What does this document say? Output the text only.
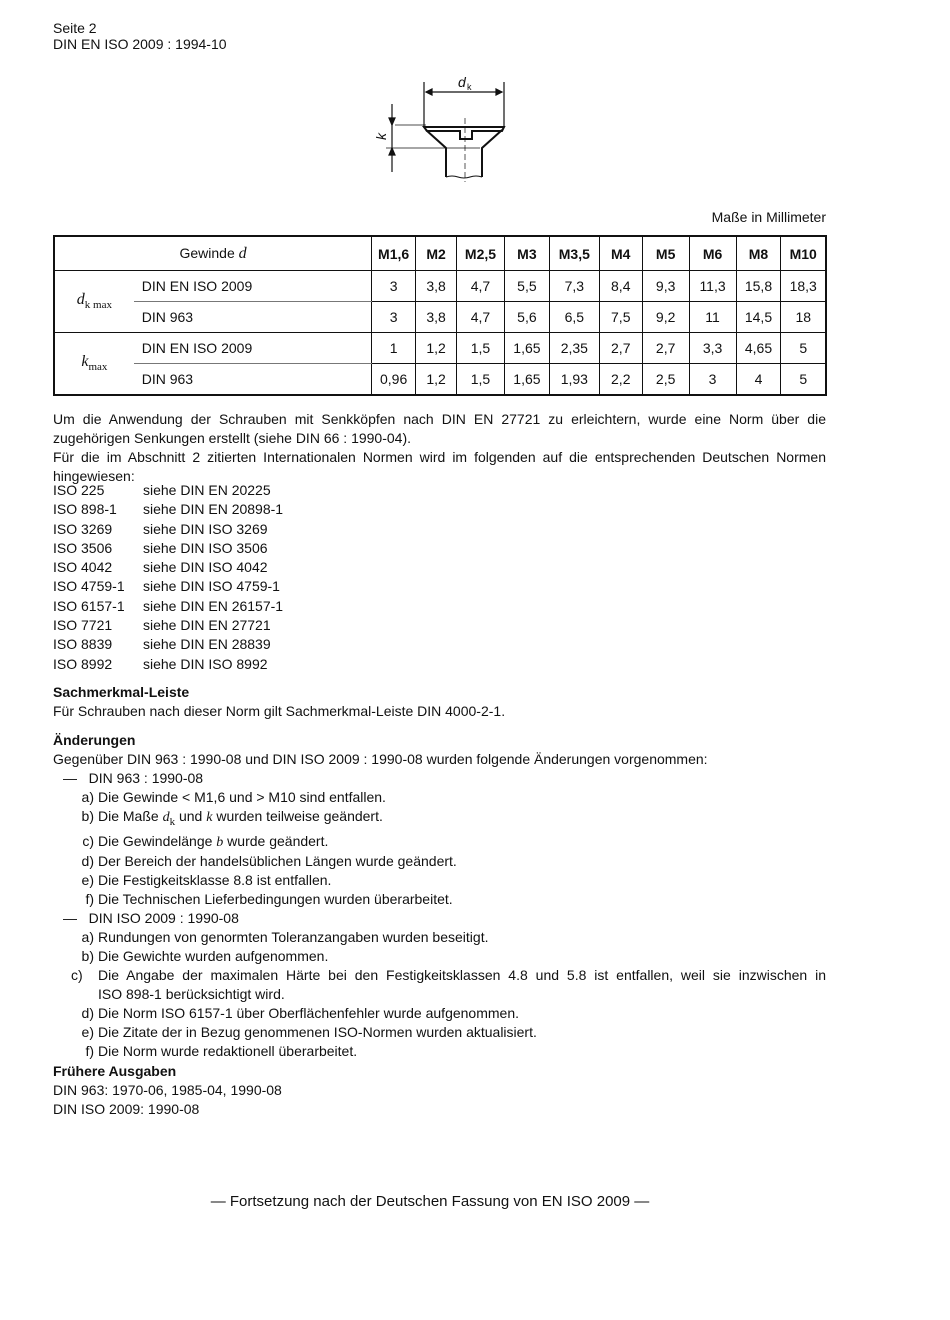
Seite 2
DIN EN ISO 2009 : 1994-10
d k
k
Maße in Millimeter
Gewinde d		M1,6	M2	M2,5	M3	M3,5	M4	M5	M6	M8	M10
$d_{k max}$	DIN EN ISO 2009	3	3,8	4,7	5,5	7,3	8,4	9,3	11,3	15,8	18,3
	DIN 963	3	3,8	4,7	5,6	6,5	7,5	9,2	11	14,5	18
$k_{max}$	DIN EN ISO 2009	1	1,2	1,5	1,65	2,35	2,7	2,7	3,3	4,65	5
	DIN 963	0,96	1,2	1,5	1,65	1,93	2,2	2,5	3	4	5
Um die Anwendung der Schrauben mit Senkköpfen nach DIN EN 27721 zu erleichtern, wurde eine Norm über die
zugehörigen Senkungen erstellt (siehe DIN 66 : 1990-04).
Für die im Abschnitt 2 zitierten Internationalen Normen wird im folgenden auf die entsprechenden Deutschen Normen
hingewiesen:
ISO 225	siehe DIN EN 20225
ISO 898-1 siehe DIN EN 20898-1
ISO 3269 siehe DIN ISO 3269
ISO 3506 siehe DIN ISO 3506
ISO 4042 siehe DIN ISO 4042
ISO 4759-1 siehe DIN ISO 4759-1
ISO 6157-1 siehe DIN EN 26157-1
ISO 7721 siehe DIN EN 27721
ISO 8839 siehe DIN EN 28839
ISO 8992 siehe DIN ISO 8992
Sachmerkmal-Leiste
Für Schrauben nach dieser Norm gilt Sachmerkmal-Leiste DIN 4000-2-1.
Änderungen
Gegenüber DIN 963 : 1990-08 und DIN ISO 2009 : 1990-08 wurden folgende Änderungen vorgenommen:
— DIN 963 : 1990-08
a) Die Gewinde < M1,6 und > M10 sind entfallen.
b) Die Maße $d_k$ und k wurden teilweise geändert.
c) Die Gewindelänge b wurde geändert.
d) Der Bereich der handelsüblichen Längen wurde geändert.
e) Die Festigkeitsklasse 8.8 ist entfallen.
f) Die Technischen Lieferbedingungen wurden überarbeitet.
— DIN ISO 2009 : 1990-08
a) Rundungen von genormten Toleranzangaben wurden beseitigt.
b) Die Gewichte wurden aufgenommen.
c) Die Angabe der maximalen Härte bei den Festigkeitsklassen 4.8 und 5.8 ist entfallen, weil sie inzwischen in
ISO 898-1 berücksichtigt wird.
d) Die Norm ISO 6157-1 über Oberflächenfehler wurde aufgenommen.
e) Die Zitate der in Bezug genommenen ISO-Normen wurden aktualisiert.
f) Die Norm wurde redaktionell überarbeitet.
Frühere Ausgaben
DIN 963: 1970-06, 1985-04, 1990-08
DIN ISO 2009: 1990-08
— Fortsetzung nach der Deutschen Fassung von EN ISO 2009 —
